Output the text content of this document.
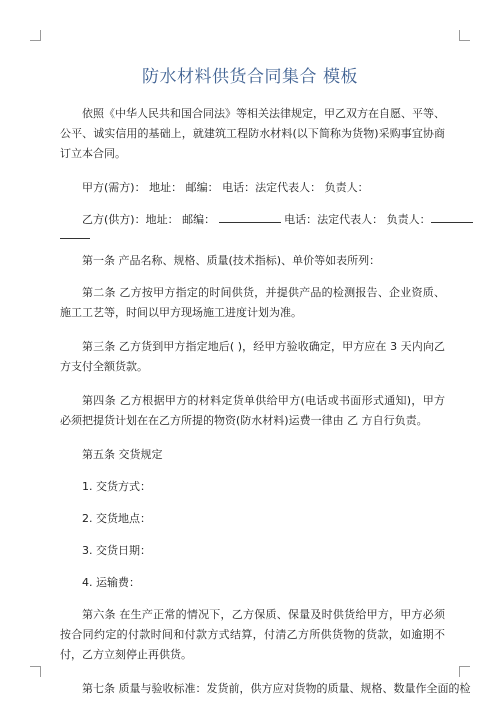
防水材料供货合同集合 模板

依照《中华人民共和国合同法》等相关法律规定，甲乙双方在自愿、平等、公平、诚实信用的基础上，就建筑工程防水材料(以下简称为货物)采购事宜协商订立本合同。

甲方(需方)： 地址： 邮编： 电话：法定代表人： 负责人：

乙方(供方)：地址： 邮编：	电话：法定代表人： 负责人：

第一条 产品名称、规格、质量(技术指标)、单价等如表所列：

第二条 乙方按甲方指定的时间供货，并提供产品的检测报告、企业资质、施工工艺等，时间以甲方现场施工进度计划为准。

第三条 乙方货到甲方指定地后( )，经甲方验收确定，甲方应在 3 天内向乙方支付全额货款。

第四条 乙方根据甲方的材料定货单供给甲方(电话或书面形式通知)，甲方必须把提货计划在在乙方所提的物资(防水材料)运费一律由 乙 方自行负责。

第五条 交货规定

1. 交货方式：

2. 交货地点：

3. 交货日期：

4. 运输费：

第六条 在生产正常的情况下，乙方保质、保量及时供货给甲方，甲方必须按合同约定的付款时间和付款方式结算，付清乙方所供货物的货款，如逾期不付，乙方立刻停止再供货。

第七条 质量与验收标准：发货前，供方应对货物的质量、规格、数量作全面的检
